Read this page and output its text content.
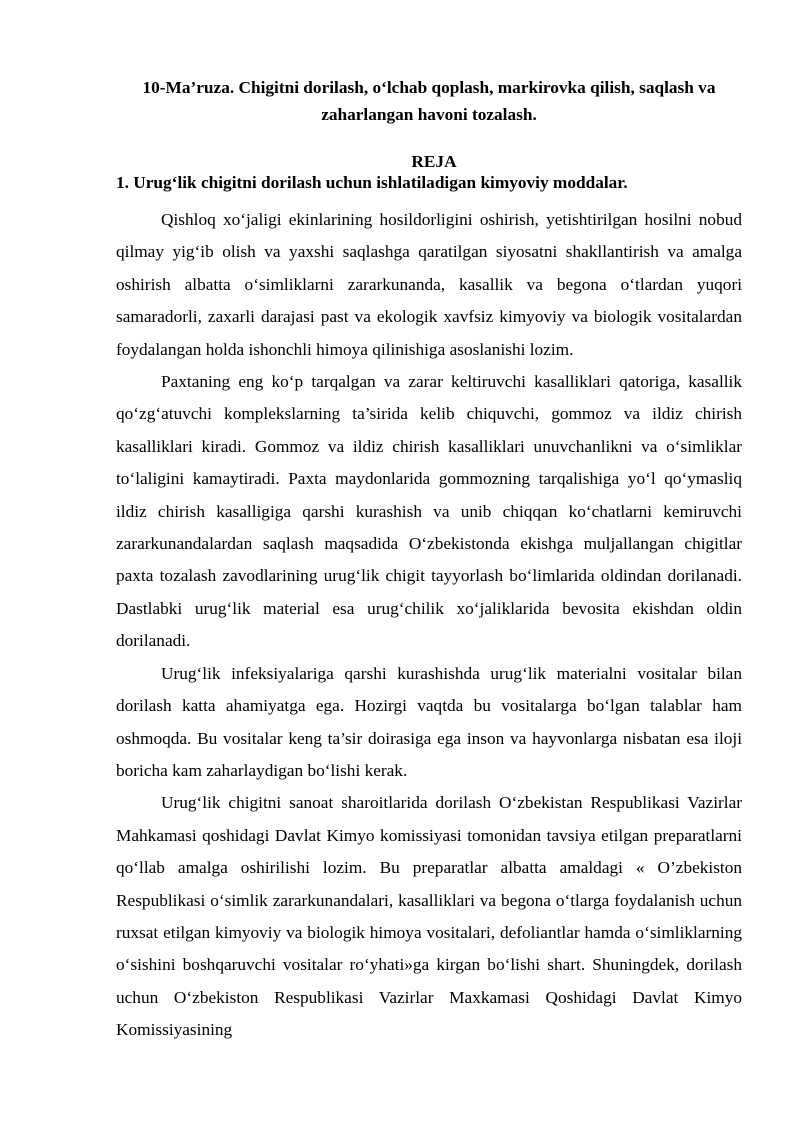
10-Ma’ruza. Chigitni dorilash, o‘lchab qoplash, markirovka qilish, saqlash va
zaharlangan havoni tozalash.
REJA
1. Urug‘lik chigitni dorilash uchun ishlatiladigan kimyoviy moddalar.

Qishloq xo‘jaligi ekinlarining hosildorligini oshirish, yetishtirilgan hosilni nobud qilmay yig‘ib olish va yaxshi saqlashga qaratilgan siyosatni shakllantirish va amalga oshirish albatta o‘simliklarni zararkunanda, kasallik va begona o‘tlardan yuqori samaradorli, zaxarli darajasi past va ekologik xavfsiz kimyoviy va biologik vositalardan foydalangan holda ishonchli himoya qilinishiga asoslanishi lozim.

Paxtaning eng ko‘p tarqalgan va zarar keltiruvchi kasalliklari qatoriga, kasallik qo‘zg‘atuvchi komplekslarning ta’sirida kelib chiquvchi, gommoz va ildiz chirish kasalliklari kiradi. Gommoz va ildiz chirish kasalliklari unuvchanlikni va o‘simliklar to‘laligini kamaytiradi. Paxta maydonlarida gommozning tarqalishiga yo‘l qo‘ymasliq ildiz chirish kasalligiga qarshi kurashish va unib chiqqan ko‘chatlarni kemiruvchi zararkunandalardan saqlash maqsadida O‘zbekistonda ekishga muljallangan chigitlar paxta tozalash zavodlarining urug‘lik chigit tayyorlash bo‘limlarida oldindan dorilanadi. Dastlabki urug‘lik material esa urug‘chilik xo‘jaliklarida bevosita ekishdan oldin dorilanadi.

Urug‘lik infeksiyalariga qarshi kurashishda urug‘lik materialni vositalar bilan dorilash katta ahamiyatga ega. Hozirgi vaqtda bu vositalarga bo‘lgan talablar ham oshmoqda. Bu vositalar keng ta’sir doirasiga ega inson va hayvonlarga nisbatan esa iloji boricha kam zaharlaydigan bo‘lishi kerak.

Urug‘lik chigitni sanoat sharoitlarida dorilash O‘zbekistan Respublikasi Vazirlar Mahkamasi qoshidagi Davlat Kimyo komissiyasi tomonidan tavsiya etilgan preparatlarni qo‘llab amalga oshirilishi lozim. Bu preparatlar albatta amaldagi « O’zbekiston Respublikasi o‘simlik zararkunandalari, kasalliklari va begona o‘tlarga foydalanish uchun ruxsat etilgan kimyoviy va biologik himoya vositalari, defoliantlar hamda o‘simliklarning o‘sishini boshqaruvchi vositalar ro‘yhati»ga kirgan bo‘lishi shart. Shuningdek, dorilash uchun O‘zbekiston Respublikasi Vazirlar Maxkamasi Qoshidagi Davlat Kimyo Komissiyasining
